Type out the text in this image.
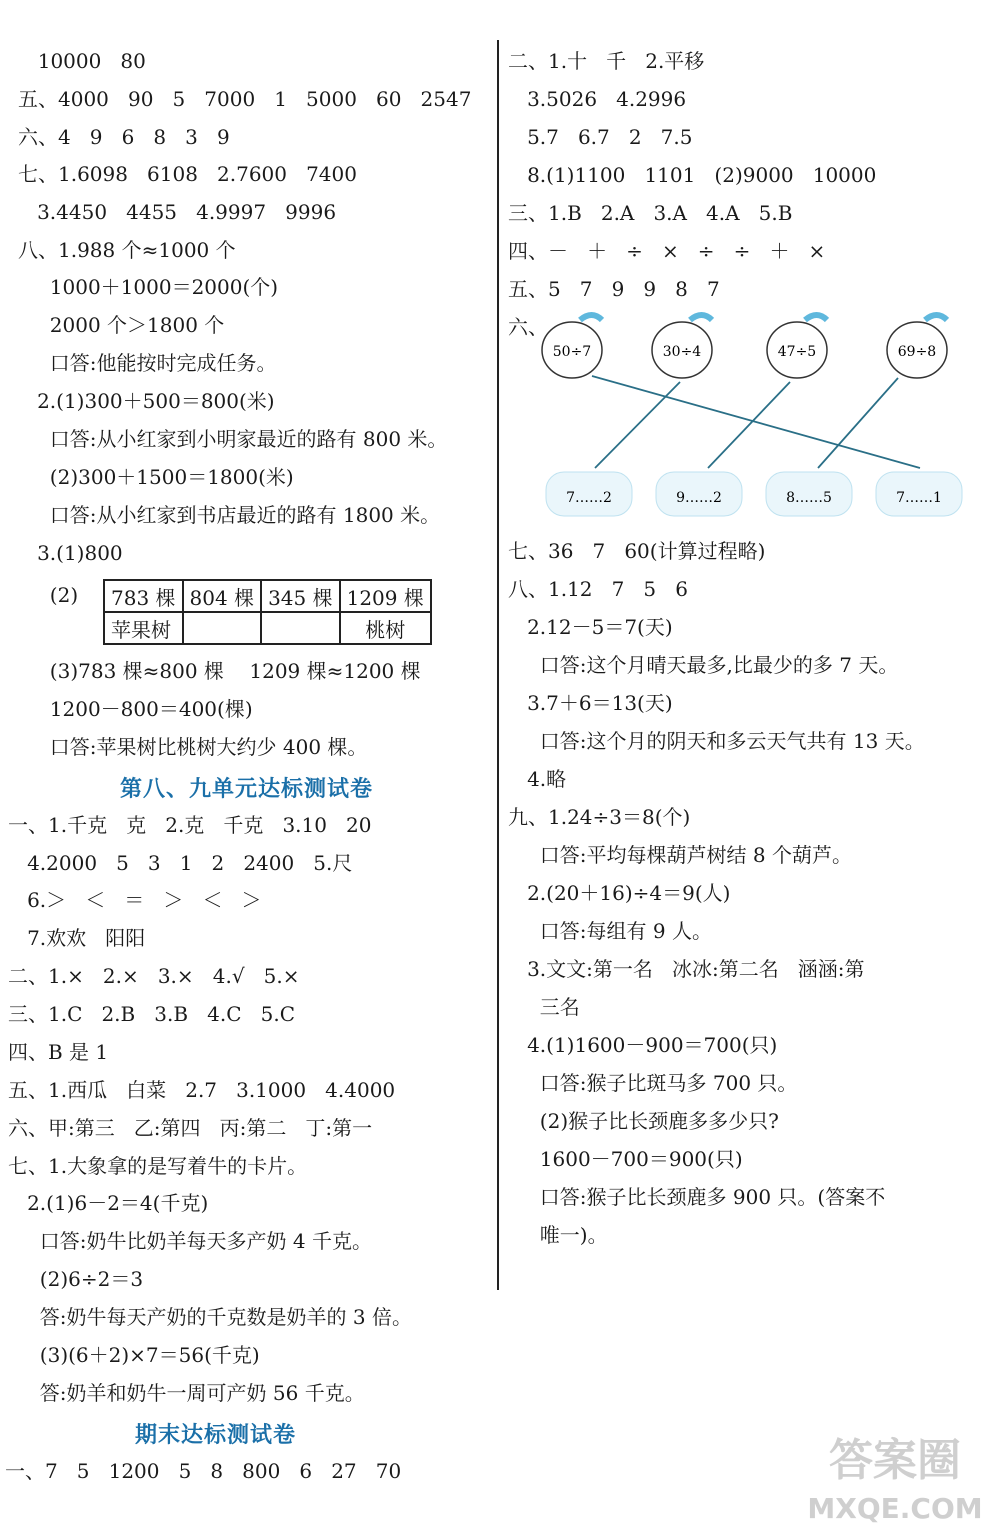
10000   80
五、4000   90   5   7000   1   5000   60   2547
六、4   9   6   8   3   9
七、1.6098   6108   2.7600   7400
3.4450   4455   4.9997   9996
八、1.988 个≈1000 个
1000＋1000＝2000(个)
2000 个＞1800 个
口答:他能按时完成任务。
2.(1)300＋500＝800(米)
口答:从小红家到小明家最近的路有 800 米。
(2)300＋1500＝1800(米)
口答:从小红家到书店最近的路有 1800 米。
3.(1)800
(2) 783 棵	804 棵	345 棵	1209 棵
苹果树			桃树
(3)783 棵≈800 棵    1209 棵≈1200 棵
1200－800＝400(棵)
口答:苹果树比桃树大约少 400 棵。
第八、九单元达标测试卷
一、1.千克   克   2.克   千克   3.10   20
4.2000   5   3   1   2   2400   5.尺
6.＞   ＜   ＝   ＞   ＜   ＞
7.欢欢   阳阳
二、1.×   2.×   3.×   4.√   5.×
三、1.C   2.B   3.B   4.C   5.C
四、B 是 1
五、1.西瓜   白菜   2.7   3.1000   4.4000
六、甲:第三   乙:第四   丙:第二   丁:第一
七、1.大象拿的是写着牛的卡片。
2.(1)6－2＝4(千克)
口答:奶牛比奶羊每天多产奶 4 千克。
(2)6÷2＝3
答:奶牛每天产奶的千克数是奶羊的 3 倍。
(3)(6＋2)×7＝56(千克)
答:奶羊和奶牛一周可产奶 56 千克。
期末达标测试卷
一、7   5   1200   5   8   800   6   27   70
二、1.十   千   2.平移
3.5026   4.2996
5.7   6.7   2   7.5
8.(1)1100   1101   (2)9000   10000
三、1.B   2.A   3.A   4.A   5.B
四、－   ＋   ÷   ×   ÷   ÷   ＋   ×
五、5   7   9   9   8   7
六、
50÷7	30÷4	47÷5	69÷8
7……2	9……2	8……5	7……1
七、36   7   60(计算过程略)
八、1.12   7   5   6
2.12－5＝7(天)
口答:这个月晴天最多,比最少的多 7 天。
3.7＋6＝13(天)
口答:这个月的阴天和多云天气共有 13 天。
4.略
九、1.24÷3＝8(个)
口答:平均每棵葫芦树结 8 个葫芦。
2.(20＋16)÷4＝9(人)
口答:每组有 9 人。
3.文文:第一名   冰冰:第二名   涵涵:第
三名
4.(1)1600－900＝700(只)
口答:猴子比斑马多 700 只。
(2)猴子比长颈鹿多多少只?
1600－700＝900(只)
口答:猴子比长颈鹿多 900 只。(答案不
唯一)。
答案圈
MXQE.COM
